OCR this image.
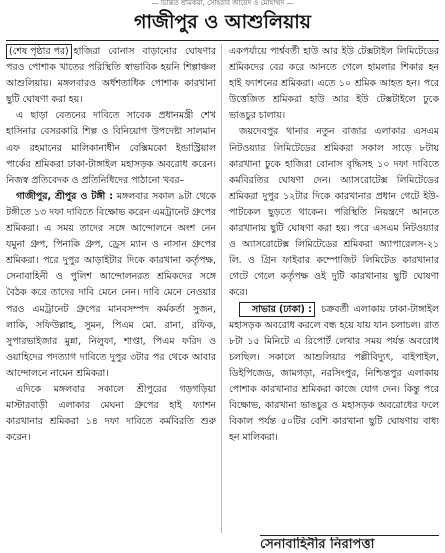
— চিন্তিত শ্রমিকরা, সোহরাব জায়েদ ও মোহাম্মদ —
গাজীপুর ও আশুলিয়ায়

(শেষ পৃষ্ঠার পর) হাজিরা বোনাস বাড়ানোর ঘোষণার পরও পোশাক খাতের পরিস্থিতি স্বাভাবিক হয়নি শিল্পাঞ্চল আশুলিয়ায়। মঙ্গলবারও অর্ধশতাধিক পোশাক কারখানা ছুটি ঘোষণা করা হয়।

এ ছাড়া বেতনের দাবিতে সাবেক প্রধানমন্ত্রী শেখ হাসিনার বেসরকারি শিল্প ও বিনিয়োগ উপদেষ্টা সালমান এফ রহমানের মালিকানাধীন বেক্সিমকো ইন্ডাস্ট্রিয়াল পার্কের শ্রমিকরা ঢাকা-টাঙ্গাইল মহাসড়ক অবরোধ করেন। নিজস্ব প্রতিবেদক ও প্রতিনিধিদের পাঠানো খবর–

গাজীপুর, শ্রীপুর ও টঙ্গী : মঙ্গলবার সকাল ৯টা থেকে টঙ্গীতে ১৩ দফা দাবিতে বিক্ষোভ করেন এমট্রানেট গ্রুপের শ্রমিকরা। এ সময় তাদের সঙ্গে আন্দোলনে অংশ নেন যমুনা গ্রুপ, পিনাকি গ্রুপ, ড্রেস ম্যান ও নাসান গ্রুপের শ্রমিকরা। পরে দুপুর আড়াইটার দিকে কারখানা কর্তৃপক্ষ, সেনাবাহিনী ও পুলিশ আন্দোলনরত শ্রমিকদের সঙ্গে বৈঠক করে তাদের দাবি মেনে নেন। দাবি মেনে নেওয়ার পরও এমট্রানেট গ্রুপের মানবসম্পদ কর্মকর্তা সুজন, লাকি, সফিউল্লাহ, সুমন, পিএম মো. রানা, রফিক, সুপারভাইজার মুন্না, নিলুফা, শাপ্তা, পিএম ফরিদ ও ওয়াহিদের পদত্যাগ দাবিতে দুপুর ৩টার পর থেকে আবার আন্দোলনে নামেন শ্রমিকরা।

এদিকে মঙ্গলবার সকালে শ্রীপুরের গড়গড়িয়া মাস্টারবাড়ী এলাকার মেঘনা গ্রুপের হাই ফ্যাশন কারখানার শ্রমিকরা ১৪ দফা দাবিতে কর্মবিরতি শুরু করেন।

একপর্যায়ে পার্শ্ববর্তী হাউ আর ইউ টেক্সটাইল লিমিটেডের শ্রমিকদের বের করে আনতে গেলে হামলার শিকার হন হাই ফ্যাশনের শ্রমিকরা। এতে ১০ শ্রমিক আহত হন। পরে উত্তেজিত শ্রমিকরা হাউ আর ইউ টেক্সটাইলে ঢুকে ভাঙচুর চালায়।

জয়দেবপুর থানার নতুন বাজার এলাকার এসএম নিটওয়্যার লিমিটেডের শ্রমিকরা সকাল সাড়ে ৮টায় কারখানা ঢুকে হাজিরা বোনাস বৃদ্ধিসহ ১০ দফা দাবিতে কর্মবিরতির ঘোষণা দেন। অ্যাসরোটেক্স লিমিটেডের শ্রমিকরা দুপুর ১২টার দিকে কারখানার প্রধান গেটে ইউ-পাটকেল ছুড়তে থাকেন। পরিস্থিতি নিয়ন্ত্রণে আনতে কারখানায় ছুটি ঘোষণা করা হয়। পরে এসএম নিটওয়্যার ও অ্যাসরোটেক্স লিমিটেডের শ্রমিকরা অ্যাপারেলস-২১ লি. ও গ্রিন ফাইবার কম্পোজিট লিমিটেড কারখানার গেটে গেলে কর্তৃপক্ষ ওই দুটি কারখানায় ছুটি ঘোষণা করে।

সাভার (ঢাকা) : চক্রবর্তী এলাকায় ঢাকা-টাঙ্গাইল মহাসড়ক অবরোধ করলে বন্ধ হয়ে যায় যান চলাচল। রাত ৮টা ১৫ মিনিটে এ রিপোর্ট লেখার সময় পর্যন্ত অবরোধ চলছিল। সকালে আশুলিয়ার পল্লীবিদ্যুৎ, বাইপাইল, ডিইপিজেড, জামগড়া, নরসিংপুর, নিশ্চিন্তপুর এলাকায় পোশাক কারখানার শ্রমিকরা কাজে যোগ দেন। কিন্তু পরে বিক্ষোভ, কারখানা ভাঙচুর ও মহাসড়ক অবরোধের ফলে বিকাল পর্যন্ত ৫০টির বেশি কারখানা ছুটি ঘোষণায় বাধ্য হন মালিকরা।

সেনাবাহিনীর নিরাপত্তা
